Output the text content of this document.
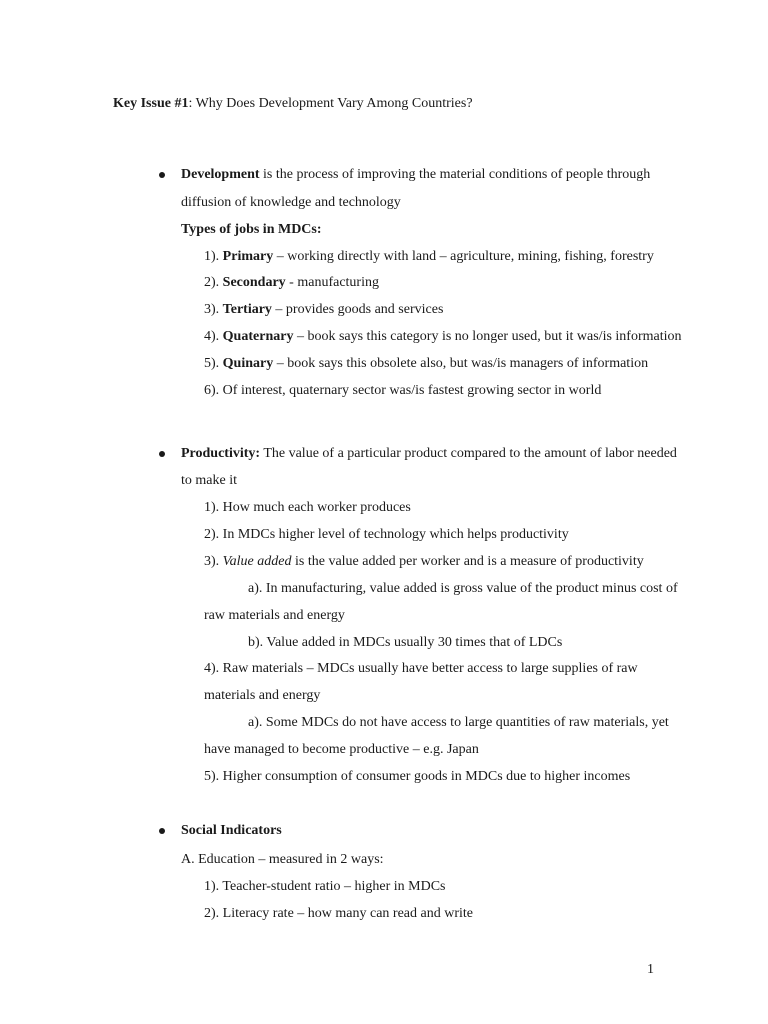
Key Issue #1: Why Does Development Vary Among Countries?
Development is the process of improving the material conditions of people through
diffusion of knowledge and technology
Types of jobs in MDCs:
1). Primary – working directly with land – agriculture, mining, fishing, forestry
2). Secondary - manufacturing
3). Tertiary – provides goods and services
4). Quaternary – book says this category is no longer used, but it was/is information
5). Quinary – book says this obsolete also, but was/is managers of information
6). Of interest, quaternary sector was/is fastest growing sector in world
Productivity: The value of a particular product compared to the amount of labor needed
to make it
1). How much each worker produces
2). In MDCs higher level of technology which helps productivity
3). Value added is the value added per worker and is a measure of productivity
a). In manufacturing, value added is gross value of the product minus cost of
raw materials and energy
b). Value added in MDCs usually 30 times that of LDCs
4). Raw materials – MDCs usually have better access to large supplies of raw
materials and energy
a). Some MDCs do not have access to large quantities of raw materials, yet
have managed to become productive – e.g. Japan
5). Higher consumption of consumer goods in MDCs due to higher incomes
Social Indicators
A. Education – measured in 2 ways:
1). Teacher-student ratio – higher in MDCs
2). Literacy rate – how many can read and write
1
